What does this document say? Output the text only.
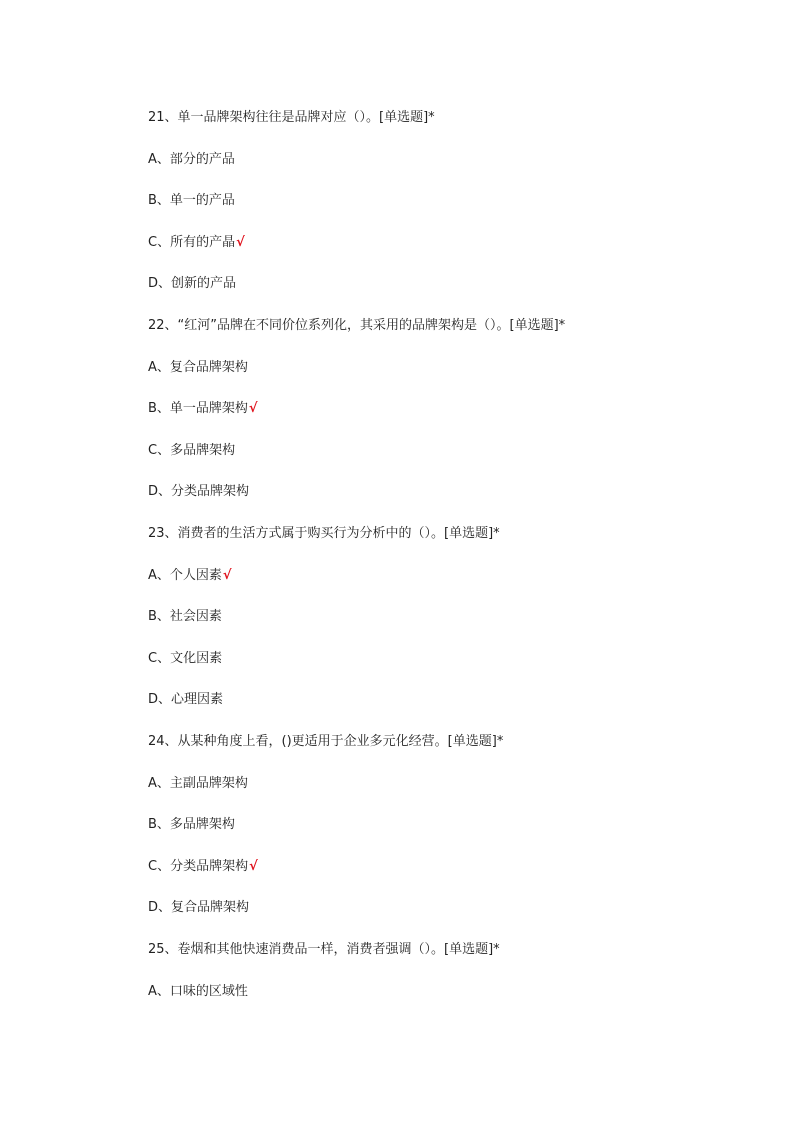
21、单一品牌架构往往是品牌对应（）。[单选题]*
A、部分的产品
B、单一的产品
C、所有的产晶√
D、创新的产品
22、“红河”品牌在不同价位系列化，其采用的品牌架构是（）。[单选题]*
A、复合品牌架构
B、单一品牌架构√
C、多品牌架构
D、分类品牌架构
23、消费者的生活方式属于购买行为分析中的（）。[单选题]*
A、个人因素√
B、社会因素
C、文化因素
D、心理因素
24、从某种角度上看，()更适用于企业多元化经营。[单选题]*
A、主副品牌架构
B、多品牌架构
C、分类品牌架构√
D、复合品牌架构
25、卷烟和其他快速消费品一样，消费者强调（）。[单选题]*
A、口味的区域性
